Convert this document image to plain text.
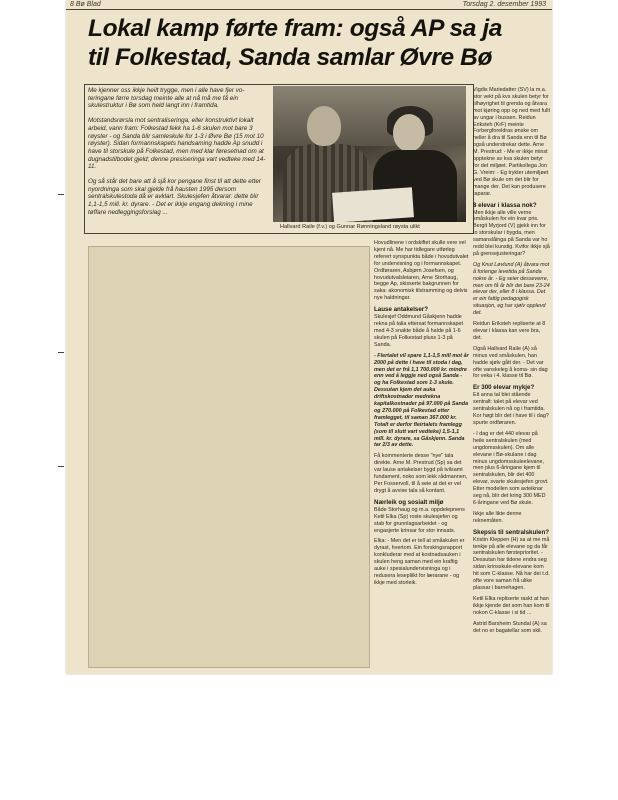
8 Bø Blad	Torsdag 2. desember 1993
Lokal kamp førte fram: også AP sa ja
til Folkestad, Sanda samlar Øvre Bø

Me kjenner oss ikkje heilt trygge, men i alle have fjer vo-teringane førre torsdag meinte alle at nå må me få ein skulestruktur i Bø som held langt inn i framtida.

Motstandsrørsla mot sentraliseringa, eller konstruktivt lokalt arbeid, vann fram: Folkestad fekk ha 1-6 skulen mot bare 3 røyster - og Sanda blir samleskule for 1-3 i Øvre Bø (15 mot 10 røyster). Sidan formannskapets handsaming hadde Ap snudd i have til storskule på Folkestad, men med klar føresetnad om at dugnadstilbodet gjeld; denne presiseringa vart vedteke med 14-11.

Og så står det bare att å sjå kor pengane finst til att dette etter nyordninga som skal gjelde frå hausten 1995 dersom sentralskulestoda då er avklart. Skulesjefen åtvarar: dette blir 1,1-1,5 mill. kr. dyrare. - Det er ikkje engang dekning i mine tøffare nedleggingsforslag ...

Hallvard Raile (f.v.) og Gunnar Rønningsland røysta ulikt

Vigdis Mariedatter (SV) la m.a. stor vekt på kvs skulen betyr for tilhøyrighet til grenda og åtvara mot kjøring opp og ned med fullt av ungar i bussen. Reidun Eriksteh (KrF) meinte Forbergforeldras ønske om heller å dra til Sanda enn til Bø også understrekar dette. Arne M. Prestrud: - Me er ikkje minst opptekne av kva skulen betyr for det miljøet. Partikollega Jon G. Vreim: - Eg trykter utemiljøet ved Bø skule om det blir for mange der. Det kan produsere taparar.

8 elevar i klassa nok?

Men ikkje alle ville verne småskulen for ein kvar pris. Bergit Myrjord (V) gjekk inn for to storskular i bygda, men samanslåinga på Sanda var ho redd blei kunstig. Kvifor ikkje sjå på grensejusteringar?

Og Knut Løvlund (A) åtvara mot å forlenge levetida på Sanda nokre år. - Eg seier desseverre, men om få år blir dei bare 23-24 elevar der, eller 8 i klassa. Det er ein fattig pedagogisk situasjon, eg har sjølv opplevd det.

Reidun Eriksteh repliserte at 8 elevar i klassa kan vere bra, det.

Også Hallvard Raile (A) så minus ved småskulen, han hadde sjølv gått der. - Det var ofte vanskeleg å koma- sin dag for veka i 4. klasse til Bø.

Er 300 elevar mykje?

Eit anna tal blei stående sentralt: talet på elevar ved sentralskulen nå og i framtida. Kor høgt blir det i have til i dag? spurte ordføraren.

- I dag er det 440 elevar på heile sentralskulen (med ungdomsskulen). Om alle elevane i Bø-skulane i dag minus ungdomsskuleelevane, men plus 6-åringane kjem til sentralskulen, blir det 400 elevar, svarte skulesjefen grovt. Etter modellen som avteiknar seg nå, blir det kring 300 MED 6-åringane ved Bø skule.

Ikkje alle likte denne reknemåten.

Skepsis til sentralskulen?

Kristin Kleppen (H) sa at me må tenkje på alle elevane og da får sentralskulen førsteprioritet. - Dessutan har tidene endra seg sidan krinsskule-elevane kom hit som C-klasse. Nå har dei t.d. ofte vore saman frå ulike plassar i barnehagen.

Ketil Elka repliserte raskt at han ikkje kjende det som han kom til nokon C-klasse i si tid ...

Astrid Barsheim Stundal (A) sa det no er bagatellar som skil.

Hovudlinene i ordskiftet skulle vere vel kjent nå. Me har tidlegare utførleg referert synspunkta både i hovudutvalet for undervisning og i formannskapet. Ordføraren, Asbjørn Josefsen, og hovudutvalsleiaren, Arne Storhaug, begge Ap, skisserte bakgrunnen for saka: akonomisk tilstramming og delvis nye haldningar.

Lause antakelser?

Skulesjef Oddmund Gåskjenn hadde rekna på talia ettersat formannskapet med 4-3 snakte både å halde på 1-6 skulen på Folkestad pluss 1-3 på Sanda.

- Flertalet vil spare 1,1-1,5 mill mot år 2000 på dette i have til stoda i dag, men det er frå 1,1 700.000 kr. mindre enn ved å leggje ned også Sanda - og ha Folkestad som 1-3 skule. Dessutan kjem det auka driftskostnader medrekna kapitalkostnader på 97.000 på Sanda og 270.000 på Folkestad etter framlegget, til saman 367.000 kr. Totalt er derfor fleirtalets framlegg (som til slutt vart vedteke) 1,5-1,1 mill. kr. dyrare, sa Gåskjenn. Sanda tar 2/3 av dette.

Få kommenterte desse "nye" tala direkte. Arne M. Prestrud (Sp) sa det var lause antakelser bygd på tvilsamt fundament, noko som lekk rådmannen, Per Fosservoll, til å seie at det er vel drygt å avvise tala så kontant.

Nærleik og sosialt miljø

Både Storhaug og m.a. oppdelepnens Ketil Elka (Sp) roste skulesjefen og stab for grunnlagsarbeidet - og engasjerte krinsar for stor innsats.

Elka: - Men det er tell at småskulen er dyrast, hvertom. Ein forskingsrapport konkluderar med at kostnadsauken i skulen heng saman med ein kraftig auke i spesialundervisninga og i redusera lesepliikt for lærarane - og ikkje med storleik.
